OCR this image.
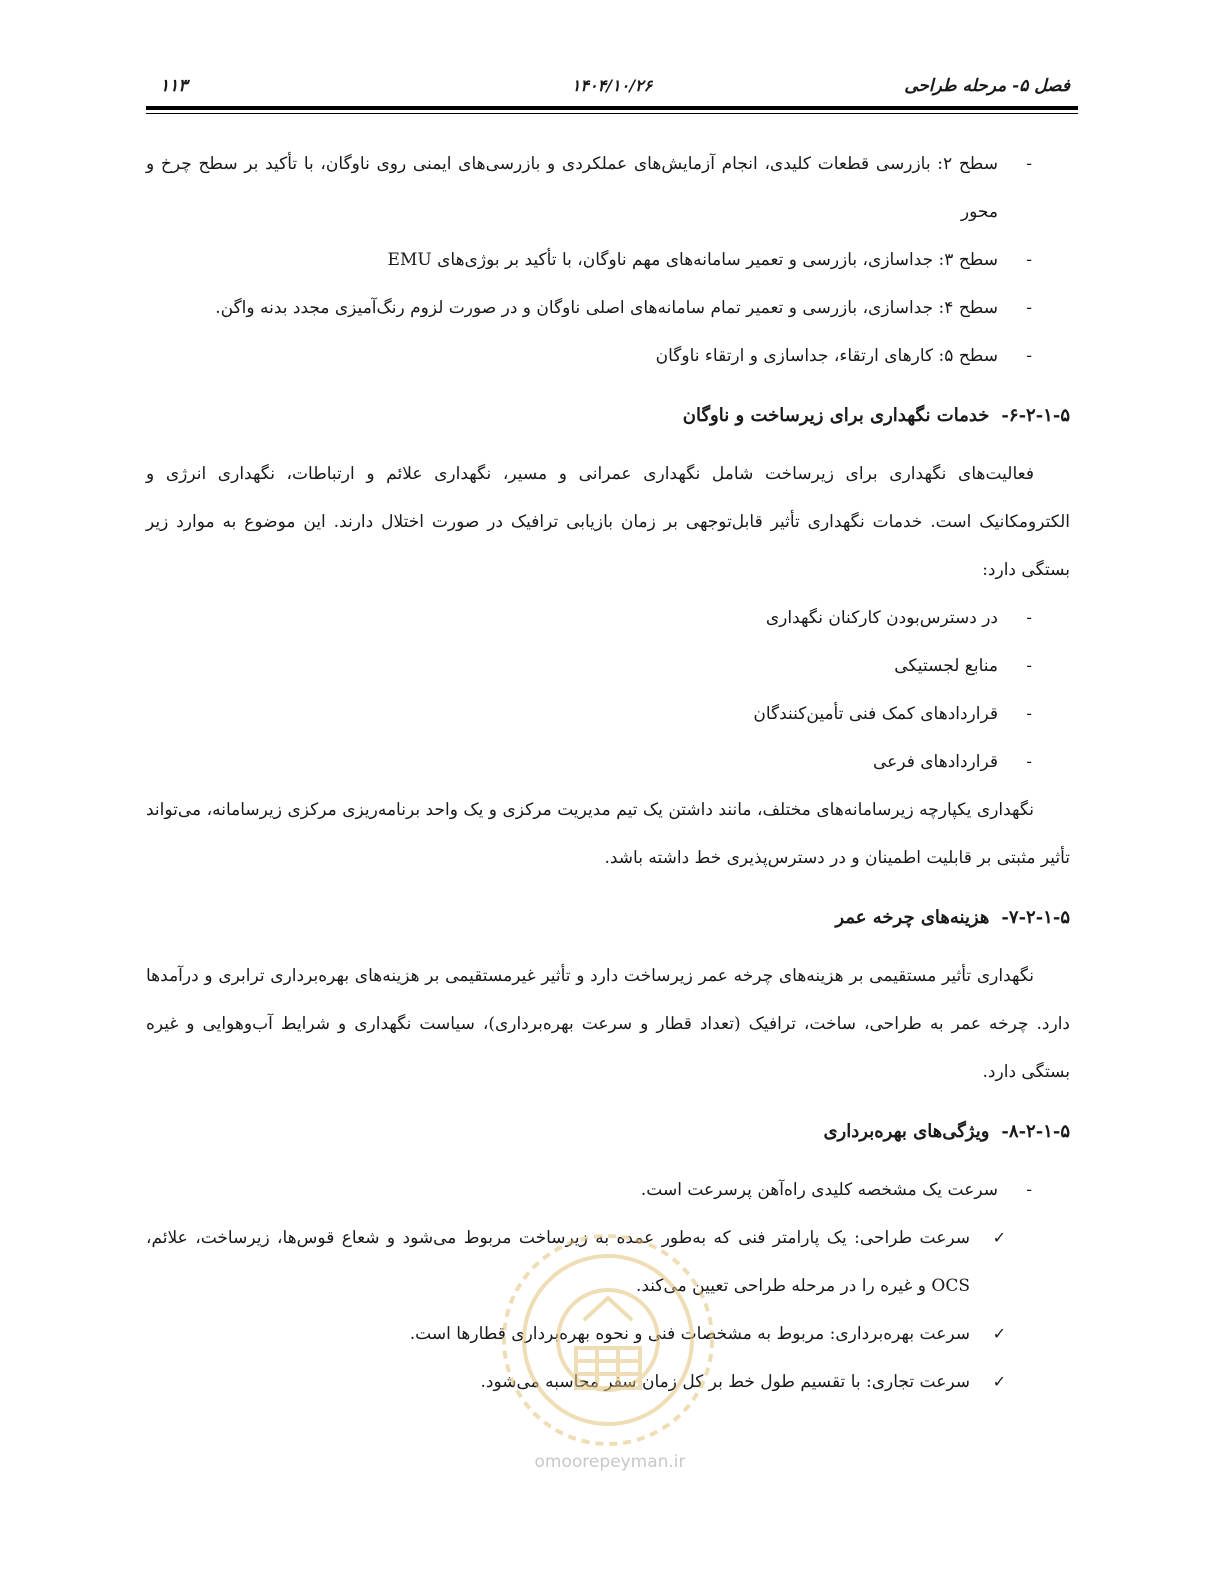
فصل ۵- مرحله طراحی
۱۴۰۴/۱۰/۲۶
۱۱۳
-
سطح ۲: بازرسی قطعات کلیدی، انجام آزمایش‌های عملکردی و بازرسی‌های ایمنی روی ناوگان، با تأکید بر سطح چرخ و محور
-
سطح ۳: جداسازی، بازرسی و تعمیر سامانه‌های مهم ناوگان، با تأکید بر بوژی‌های EMU
-
سطح ۴: جداسازی، بازرسی و تعمیر تمام سامانه‌های اصلی ناوگان و در صورت لزوم رنگ‌آمیزی مجدد بدنه واگن.
-
سطح ۵: کارهای ارتقاء، جداسازی و ارتقاء ناوگان
۶-۲-۱-۵-خدمات نگهداری برای زیرساخت و ناوگان
فعالیت‌های نگهداری برای زیرساخت شامل نگهداری عمرانی و مسیر، نگهداری علائم و ارتباطات، نگهداری انرژی و الکترومکانیک است. خدمات نگهداری تأثیر قابل‌توجهی بر زمان بازیابی ترافیک در صورت اختلال دارند. این موضوع به موارد زیر بستگی دارد:
-
در دسترس‌بودن کارکنان نگهداری
-
منابع لجستیکی
-
قراردادهای کمک فنی تأمین‌کنندگان
-
قراردادهای فرعی
نگهداری یکپارچه زیرسامانه‌های مختلف، مانند داشتن یک تیم مدیریت مرکزی و یک واحد برنامه‌ریزی مرکزی زیرسامانه، می‌تواند تأثیر مثبتی بر قابلیت اطمینان و در دسترس‌پذیری خط داشته باشد.
۷-۲-۱-۵-هزینه‌های چرخه عمر
نگهداری تأثیر مستقیمی بر هزینه‌های چرخه عمر زیرساخت دارد و تأثیر غیرمستقیمی بر هزینه‌های بهره‌برداری ترابری و درآمدها دارد. چرخه عمر به طراحی، ساخت، ترافیک (تعداد قطار و سرعت بهره‌برداری)، سیاست نگهداری و شرایط آب‌وهوایی و غیره بستگی دارد.
۸-۲-۱-۵-ویژگی‌های بهره‌برداری
-
سرعت یک مشخصه کلیدی راه‌آهن پرسرعت است.
✓
سرعت طراحی: یک پارامتر فنی که به‌طور عمده به زیرساخت مربوط می‌شود و شعاع قوس‌ها، زیرساخت، علائم، OCS و غیره را در مرحله طراحی تعیین می‌کند.
✓
سرعت بهره‌برداری: مربوط به مشخصات فنی و نحوه بهره‌برداری قطارها است.
✓
سرعت تجاری: با تقسیم طول خط بر کل زمان سفر محاسبه می‌شود.
omoorepeyman.ir
